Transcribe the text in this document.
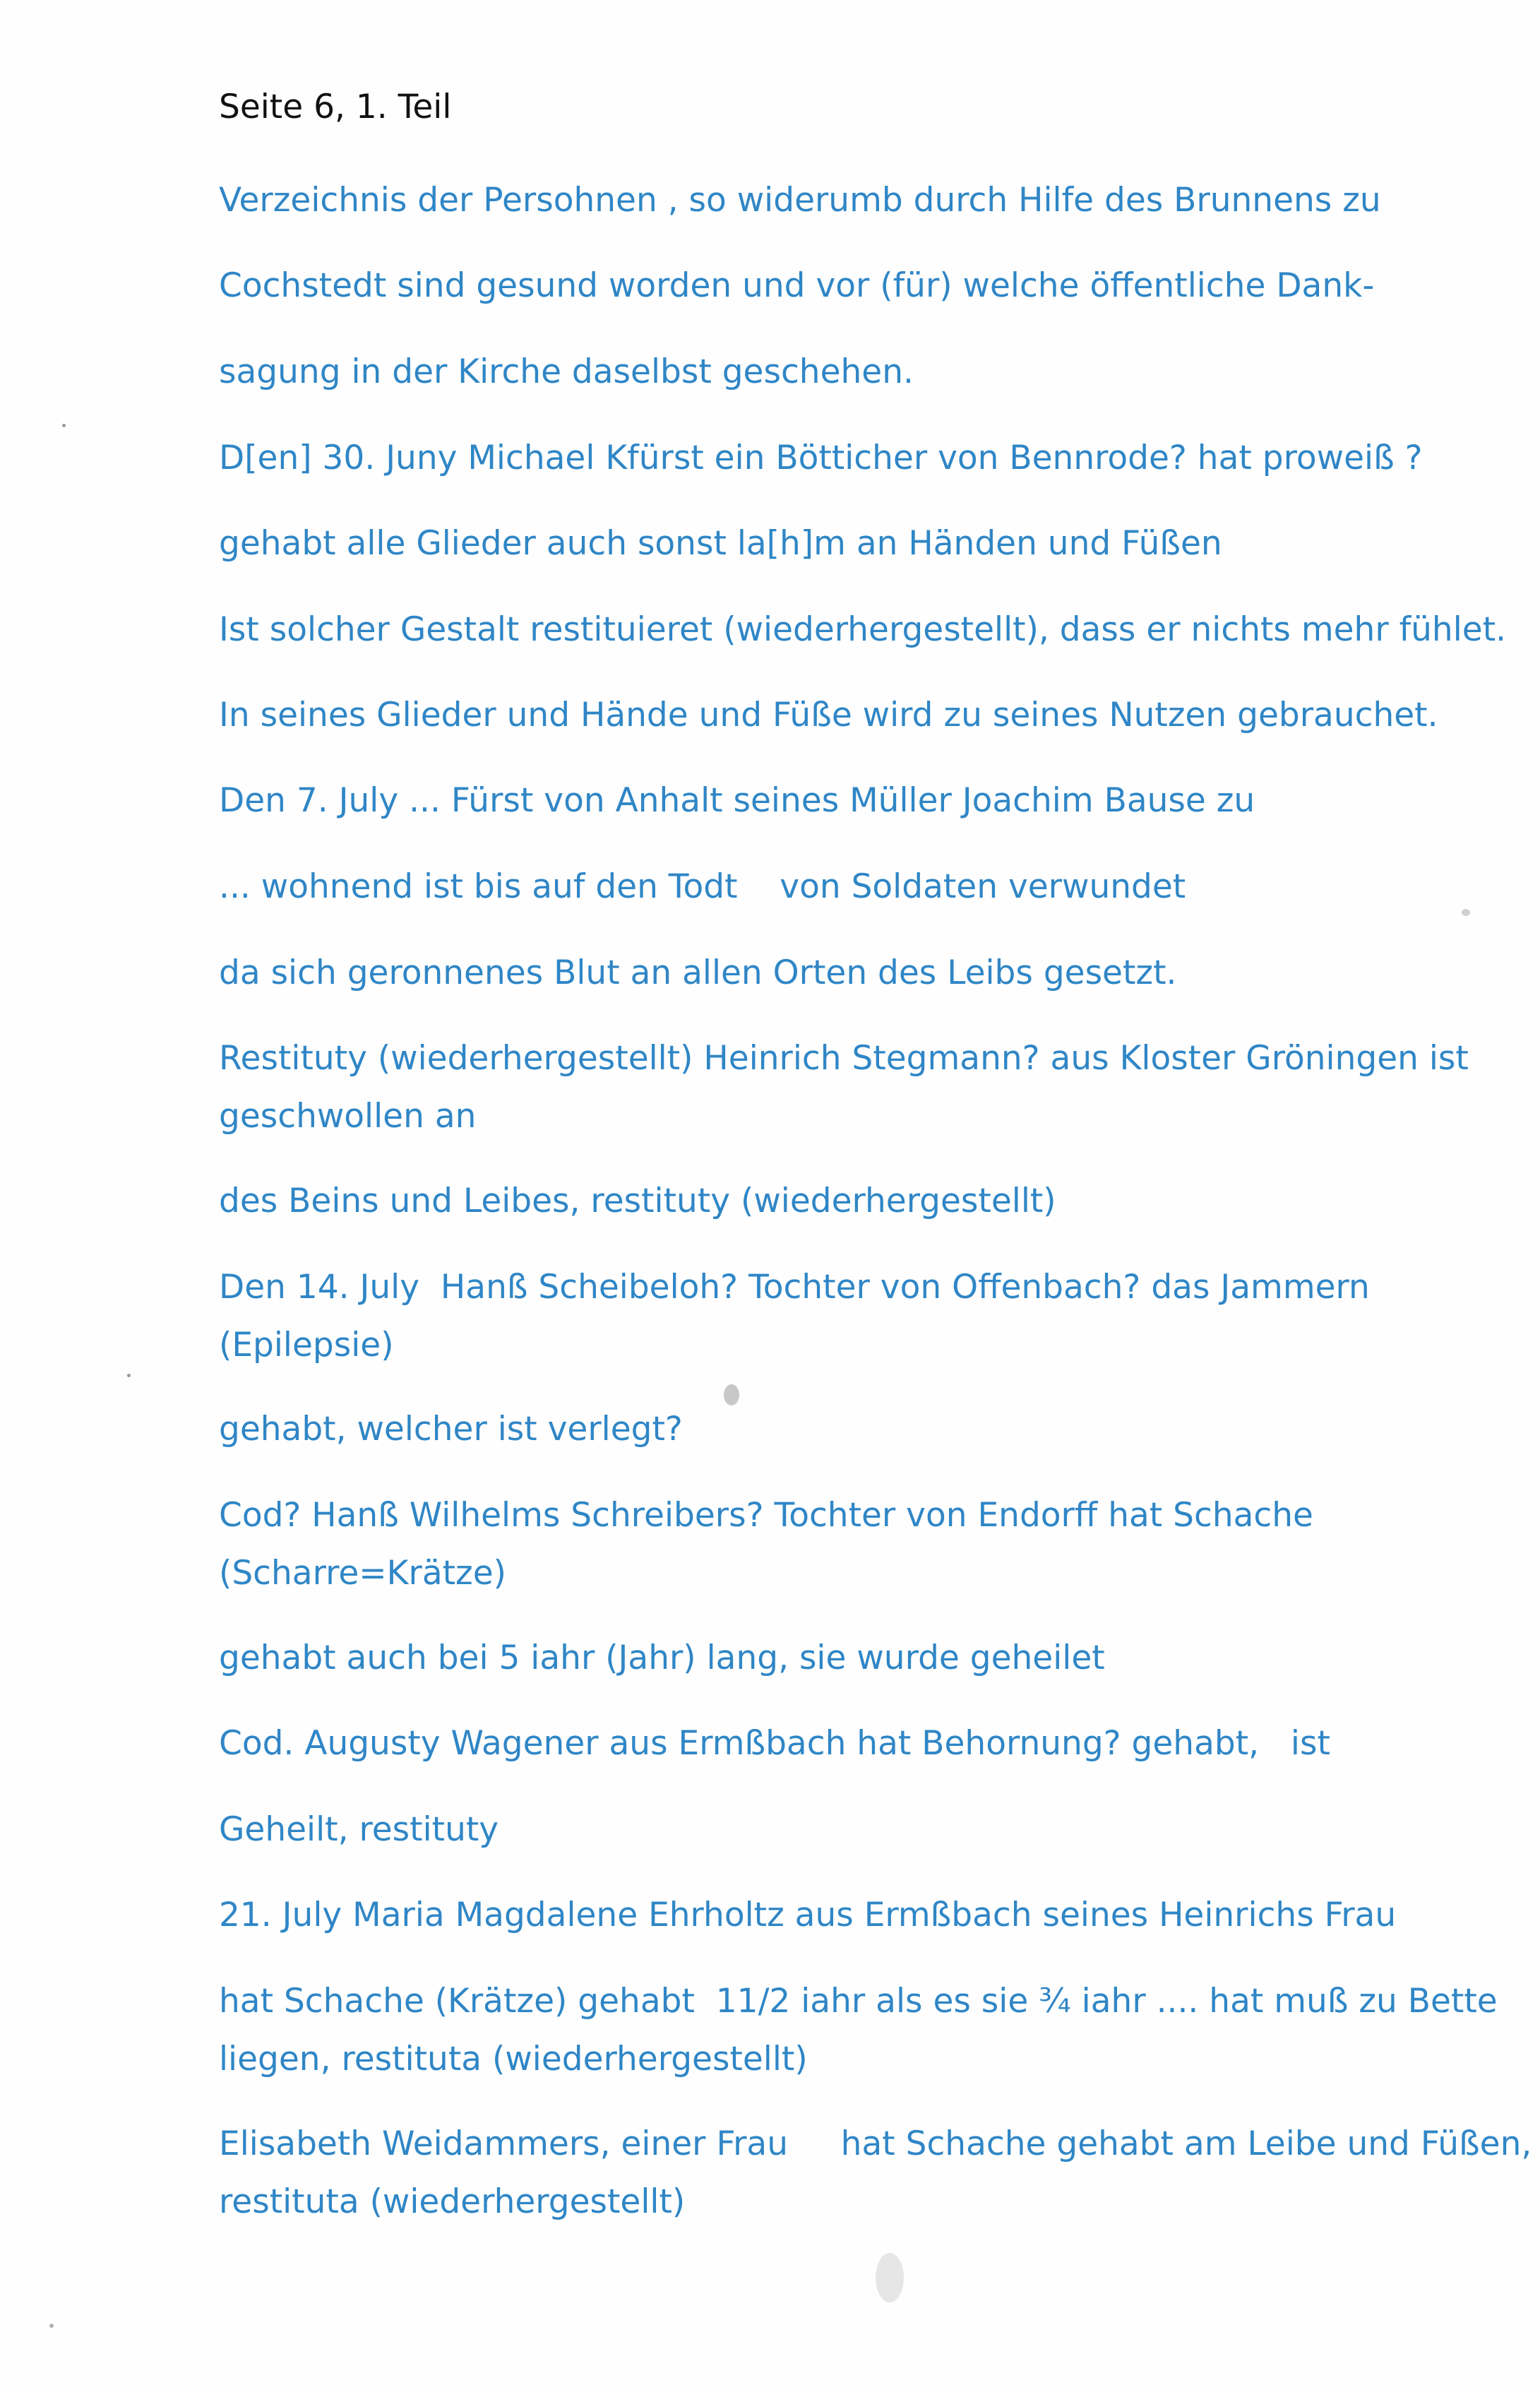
Seite 6, 1. Teil
Verzeichnis der Persohnen , so widerumb durch Hilfe des Brunnens zu
Cochstedt sind gesund worden und vor (für) welche öffentliche Dank-
sagung in der Kirche daselbst geschehen.
D[en] 30. Juny Michael Kfürst ein Bötticher von Bennrode? hat proweiß ?
gehabt alle Glieder auch sonst la[h]m an Händen und Füßen
Ist solcher Gestalt restituieret (wiederhergestellt), dass er nichts mehr fühlet.
In seines Glieder und Hände und Füße wird zu seines Nutzen gebrauchet.
Den 7. July ... Fürst von Anhalt seines Müller Joachim Bause zu
... wohnend ist bis auf den Todt    von Soldaten verwundet
da sich geronnenes Blut an allen Orten des Leibs gesetzt.
Restituty (wiederhergestellt) Heinrich Stegmann? aus Kloster Gröningen ist
geschwollen an
des Beins und Leibes, restituty (wiederhergestellt)
Den 14. July  Hanß Scheibeloh? Tochter von Offenbach? das Jammern
(Epilepsie)
gehabt, welcher ist verlegt?
Cod? Hanß Wilhelms Schreibers? Tochter von Endorff hat Schache
(Scharre=Krätze)
gehabt auch bei 5 iahr (Jahr) lang, sie wurde geheilet
Cod. Augusty Wagener aus Ermßbach hat Behornung? gehabt,   ist
Geheilt, restituty
21. July Maria Magdalene Ehrholtz aus Ermßbach seines Heinrichs Frau
hat Schache (Krätze) gehabt  11/2 iahr als es sie ¾ iahr .... hat muß zu Bette
liegen, restituta (wiederhergestellt)
Elisabeth Weidammers, einer Frau     hat Schache gehabt am Leibe und Füßen,
restituta (wiederhergestellt)
